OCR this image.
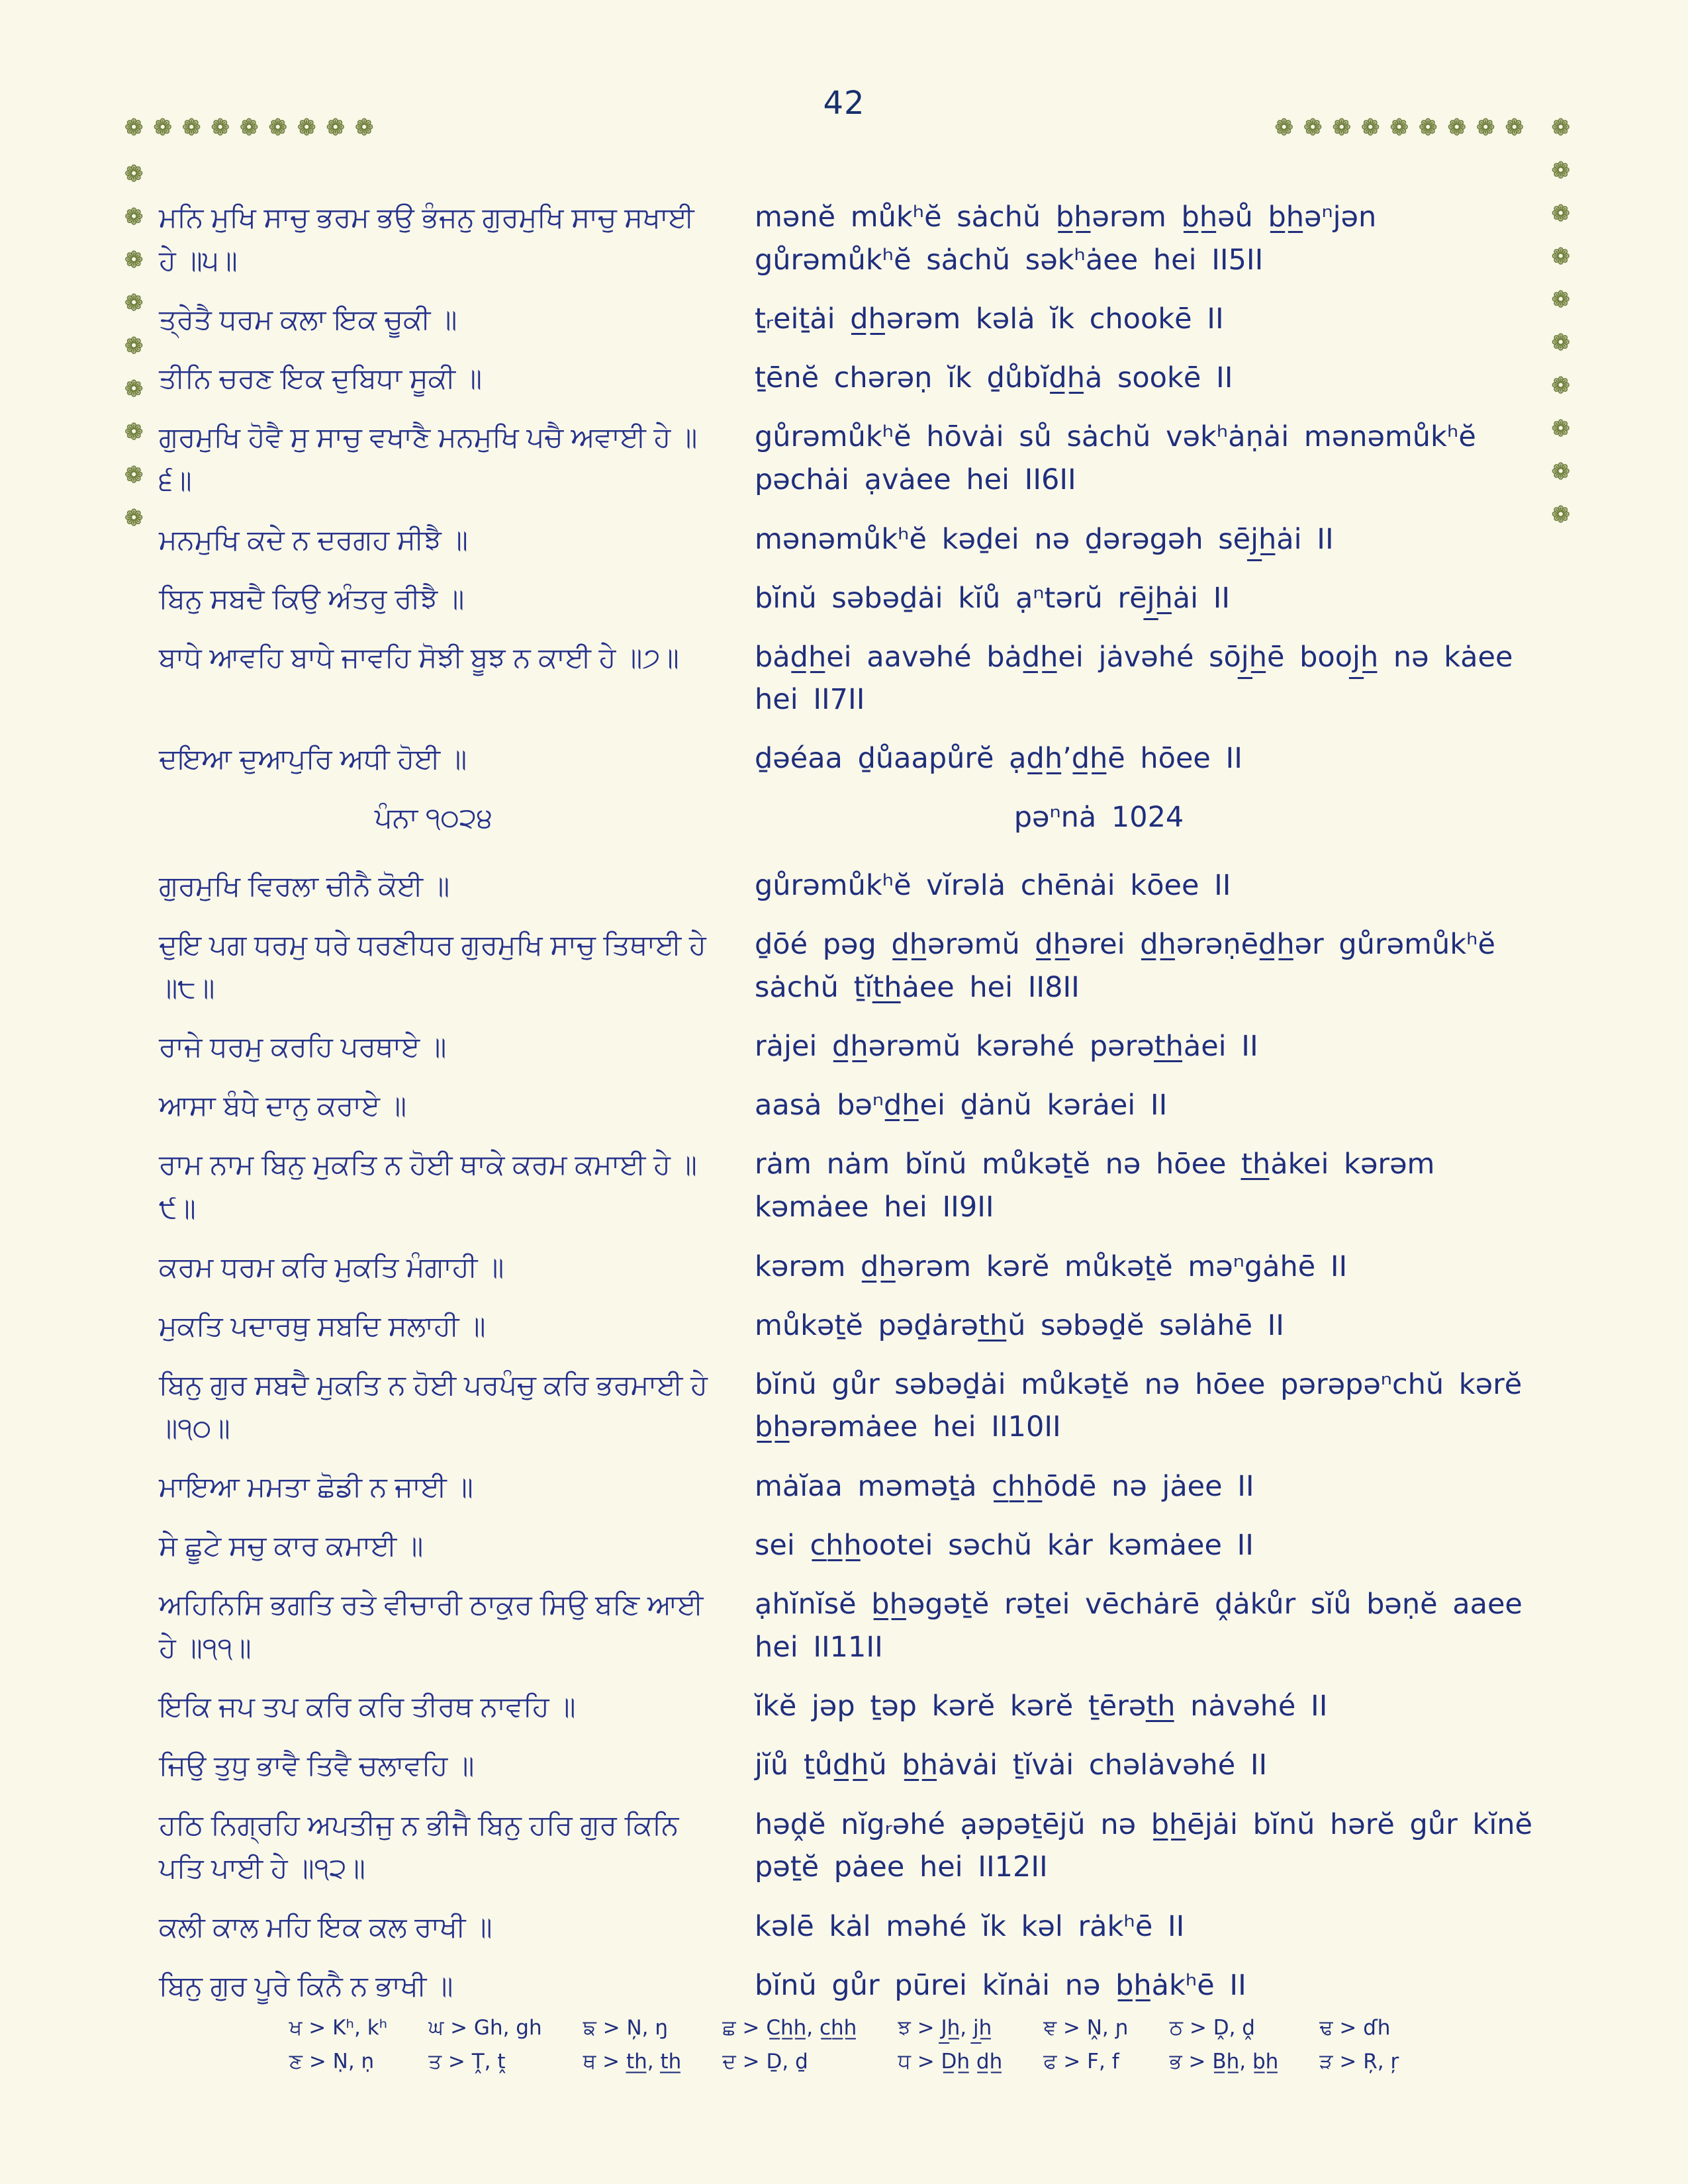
42
❁ ❁ ❁ ❁ ❁ ❁ ❁ ❁ ❁	❁ ❁ ❁ ❁ ❁ ❁ ❁ ❁ ❁
❁
❁
❁
❁
❁
❁
❁
❁
❁
❁
❁
❁
❁
❁
❁
❁
❁
❁
❁
ਮਨਿ ਮੁਖਿ ਸਾਚੁ ਭਰਮ ਭਉ ਭੰਜਨੁ ਗੁਰਮੁਖਿ ਸਾਚੁ ਸਖਾਈ ਹੇ ॥੫॥
mənĕ můkʰĕ sȧchŭ b̲h̲ərəm b̲h̲əů b̲h̲əⁿjən gůrəmůkʰĕ sȧchŭ səkʰȧee hei II5II
ਤ੍ਰੇਤੈ ਧਰਮ ਕਲਾ ਇਕ ਚੂਕੀ ॥	ṯᵣeiṯȧi d̲h̲ərəm kəlȧ ĭk chookē II
ਤੀਨਿ ਚਰਣ ਇਕ ਦੁਬਿਧਾ ਸੂਕੀ ॥	ṯēnĕ chərəṇ ĭk ḏůbĭd̲h̲ȧ sookē II
ਗੁਰਮੁਖਿ ਹੋਵੈ ਸੁ ਸਾਚੁ ਵਖਾਣੈ ਮਨਮੁਖਿ ਪਚੈ ਅਵਾਈ ਹੇ ॥੬॥
gůrəmůkʰĕ hōvȧi sů sȧchŭ vəkʰȧṇȧi mənəmůkʰĕ pəchȧi ạvȧee hei II6II
ਮਨਮੁਖਿ ਕਦੇ ਨ ਦਰਗਹ ਸੀਝੈ ॥	mənəmůkʰĕ kəḏei nə ḏərəgəh sēj̲h̲ȧi II
ਬਿਨੁ ਸਬਦੈ ਕਿਉ ਅੰਤਰੁ ਰੀਝੈ ॥	bĭnŭ səbəḏȧi kĭů ạⁿtərŭ rēj̲h̲ȧi II
ਬਾਧੇ ਆਵਹਿ ਬਾਧੇ ਜਾਵਹਿ ਸੋਝੀ ਬੂਝ ਨ ਕਾਈ ਹੇ ॥੭॥	bȧd̲h̲ei aavəhé bȧd̲h̲ei jȧvəhé sōj̲h̲ē booj̲h̲ nə kȧee hei II7II
ਦਇਆ ਦੁਆਪੁਰਿ ਅਧੀ ਹੋਈ ॥	ḏəéaa ḏůaapůrĕ ạd̲h̲’d̲h̲ē hōee II
ਪੰਨਾ ੧੦੨੪	pəⁿnȧ 1024
ਗੁਰਮੁਖਿ ਵਿਰਲਾ ਚੀਨੈ ਕੋਈ ॥	gůrəmůkʰĕ vĭrəlȧ chēnȧi kōee II
ਦੁਇ ਪਗ ਧਰਮੁ ਧਰੇ ਧਰਣੀਧਰ ਗੁਰਮੁਖਿ ਸਾਚੁ ਤਿਥਾਈ ਹੇ ॥੮॥
ḏōé pəg d̲h̲ərəmŭ d̲h̲ərei d̲h̲ərəṇēd̲h̲ər gůrəmůkʰĕ sȧchŭ ṯĭt̲h̲ȧee hei II8II
ਰਾਜੇ ਧਰਮੁ ਕਰਹਿ ਪਰਥਾਏ ॥	rȧjei d̲h̲ərəmŭ kərəhé pərət̲h̲ȧei II
ਆਸਾ ਬੰਧੇ ਦਾਨੁ ਕਰਾਏ ॥	aasȧ bəⁿd̲h̲ei ḏȧnŭ kərȧei II
ਰਾਮ ਨਾਮ ਬਿਨੁ ਮੁਕਤਿ ਨ ਹੋਈ ਥਾਕੇ ਕਰਮ ਕਮਾਈ ਹੇ ॥੯॥
rȧm nȧm bĭnŭ můkəṯĕ nə hōee t̲h̲ȧkei kərəm kəmȧee hei II9II
ਕਰਮ ਧਰਮ ਕਰਿ ਮੁਕਤਿ ਮੰਗਾਹੀ ॥	kərəm d̲h̲ərəm kərĕ můkəṯĕ məⁿgȧhē II
ਮੁਕਤਿ ਪਦਾਰਥੁ ਸਬਦਿ ਸਲਾਹੀ ॥	můkəṯĕ pəḏȧrət̲h̲ŭ səbəḏĕ səlȧhē II
ਬਿਨੁ ਗੁਰ ਸਬਦੈ ਮੁਕਤਿ ਨ ਹੋਈ ਪਰਪੰਚੁ ਕਰਿ ਭਰਮਾਈ ਹੇ ॥੧੦॥
bĭnŭ gůr səbəḏȧi můkəṯĕ nə hōee pərəpəⁿchŭ kərĕ b̲h̲ərəmȧee hei II10II
ਮਾਇਆ ਮਮਤਾ ਛੋਡੀ ਨ ਜਾਈ ॥	mȧĭaa məməṯȧ c̲h̲h̲ōdē nə jȧee II
ਸੇ ਛੂਟੇ ਸਚੁ ਕਾਰ ਕਮਾਈ ॥	sei c̲h̲h̲ootei səchŭ kȧr kəmȧee II
ਅਹਿਨਿਸਿ ਭਗਤਿ ਰਤੇ ਵੀਚਾਰੀ ਠਾਕੁਰ ਸਿਉ ਬਣਿ ਆਈ ਹੇ ॥੧੧॥
ạhĭnĭsĕ b̲h̲əgəṯĕ rəṯei vēchȧrē ḓȧkůr sĭů bəṇĕ aaee hei II11II
ਇਕਿ ਜਪ ਤਪ ਕਰਿ ਕਰਿ ਤੀਰਥ ਨਾਵਹਿ ॥	ĭkĕ jəp ṯəp kərĕ kərĕ ṯērət̲h̲ nȧvəhé II
ਜਿਉ ਤੁਧੁ ਭਾਵੈ ਤਿਵੈ ਚਲਾਵਹਿ ॥	jĭů ṯůd̲h̲ŭ b̲h̲ȧvȧi ṯĭvȧi chəlȧvəhé II
ਹਠਿ ਨਿਗ੍ਰਹਿ ਅਪਤੀਜੁ ਨ ਭੀਜੈ ਬਿਨੁ ਹਰਿ ਗੁਰ ਕਿਨਿ ਪਤਿ ਪਾਈ ਹੇ ॥੧੨॥
həḓĕ nĭgᵣəhé ạəpəṯējŭ nə b̲h̲ējȧi bĭnŭ hərĕ gůr kĭnĕ pəṯĕ pȧee hei II12II
ਕਲੀ ਕਾਲ ਮਹਿ ਇਕ ਕਲ ਰਾਖੀ ॥	kəlē kȧl məhé ĭk kəl rȧkʰē II
ਬਿਨੁ ਗੁਰ ਪੂਰੇ ਕਿਨੈ ਨ ਭਾਖੀ ॥	bĭnŭ gůr pūrei kĭnȧi nə b̲h̲ȧkʰē II
ਖ > Kʰ, kʰ ਘ > Gh, gh ਙ > Ņ, ŋ	ਛ > C̲h̲h̲, c̲h̲h̲ ਝ > J̲h̲, j̲h̲	ਞ > Ṋ, ɲ ਠ > Ḓ, ḓ	ਢ > ɗh
ਣ > Ṇ, ṇ	ਤ > Ṱ, ṱ	ਥ > t̲h̲, t̲h̲ ਦ > Ḏ, ḏ	ਧ > D̲h̲ d̲h̲ ਫ > F, f	ਭ > B̲h̲, b̲h̲ ੜ > Ŗ, ŗ
